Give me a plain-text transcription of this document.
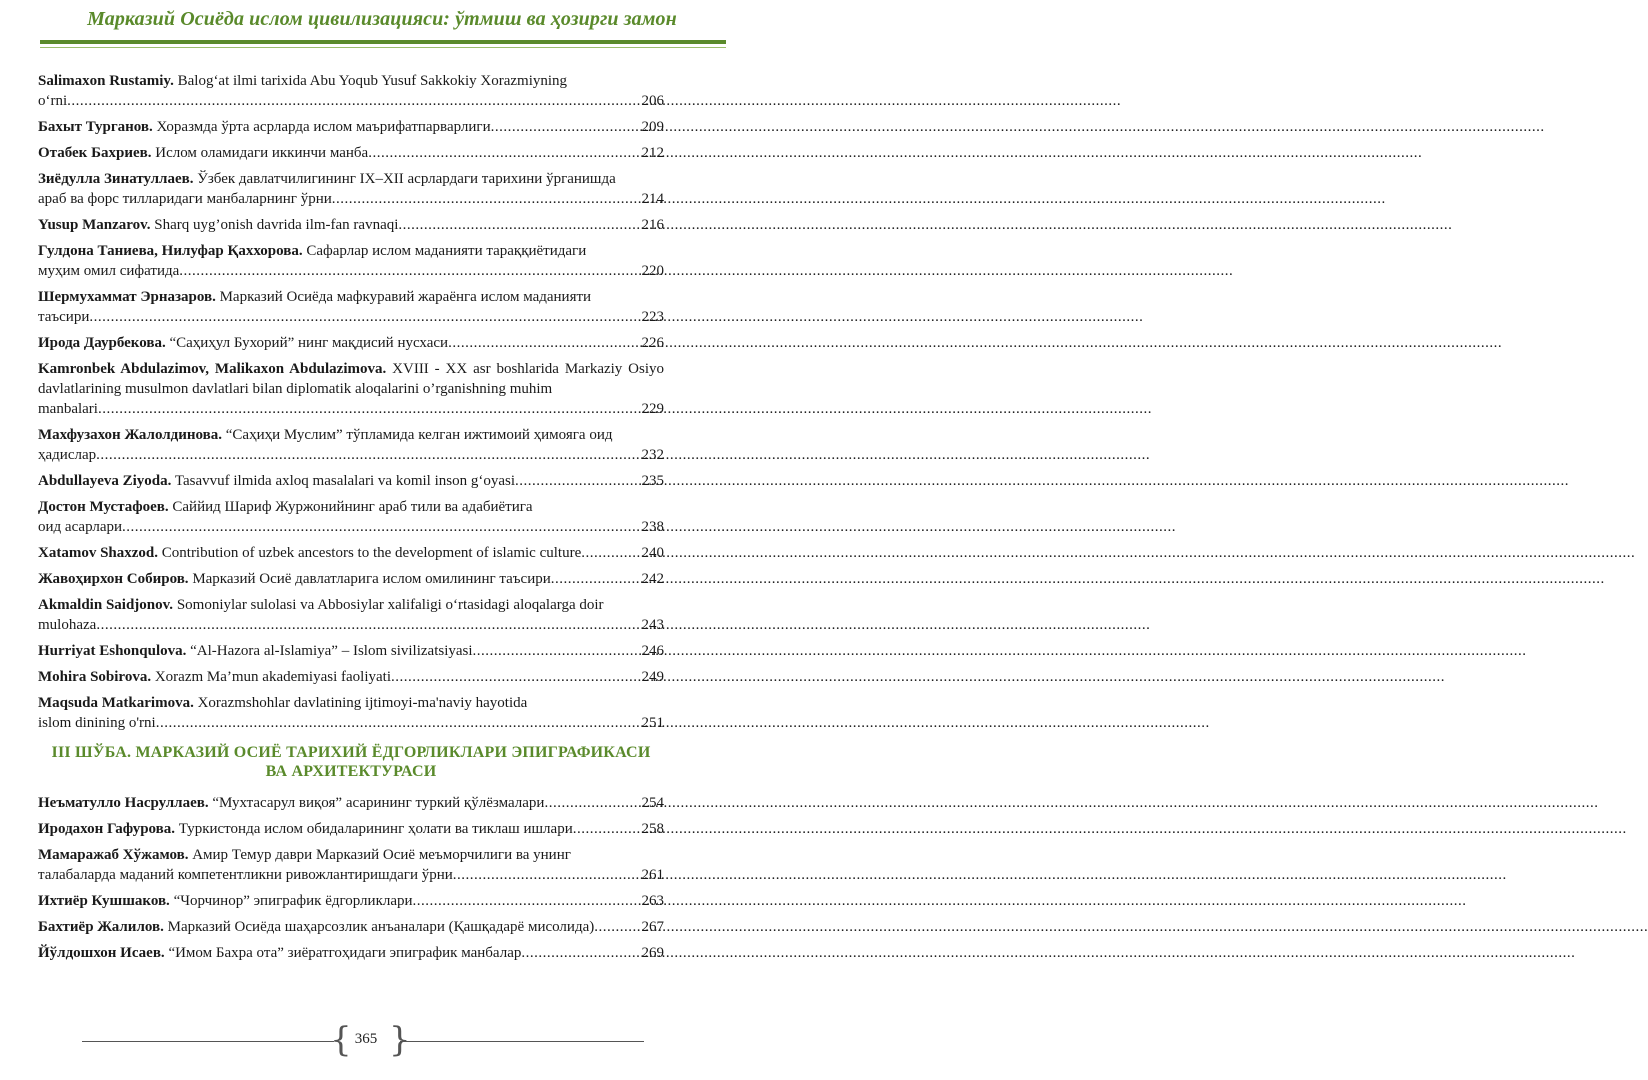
Марказий Осиёда ислом цивилизацияси: ўтмиш ва ҳозирги замон
Salimaxon Rustamiy. Balog‘at ilmi tarixida Abu Yoqub Yusuf Sakkokiy Xorazmiyning
o‘rni .....	206
Бахыт Турганов. Хоразмда ўрта асрларда ислом маърифатпарварлиги .....	209
Отабек Бахриев. Ислом оламидаги иккинчи манба .....	212
Зиёдулла Зинатуллаев. Ўзбек давлатчилигининг IX–XII асрлардаги тарихини ўрганишда
араб ва форс тилларидаги манбаларнинг ўрни .....	214
Yusup Manzarov. Sharq uyg’onish davrida ilm-fan ravnaqi .....	216
Гулдона Таниева, Нилуфар Қаххорова. Сафарлар ислом маданияти тараққиётидаги
муҳим омил сифатида .....	220
Шермухаммат Эрназаров. Марказий Осиёда мафкуравий жараёнга ислом маданияти
таъсири .....	223
Ирода Даурбекова. “Саҳиҳул Бухорий” нинг мақдисий нусхаси .....	226
Kamronbek Abdulazimov, Malikaxon Abdulazimova. XVIII - XX asr boshlarida Markaziy Osiyo davlatlarining musulmon davlatlari bilan diplomatik aloqalarini o’rganishning muhim
manbalari .....	229
Махфузахон Жалолдинова. “Саҳиҳи Муслим” тўпламида келган ижтимоий ҳимояга оид
ҳадислар .....	232
Abdullayeva Ziyoda. Tasavvuf ilmida axloq masalalari va komil inson g‘oyasi .....	235
Достон Мустафоев. Саййид Шариф Журжонийнинг араб тили ва адабиётига
оид асарлари .....	238
Xatamov Shaxzod. Contribution of uzbek ancestors to the development of islamic culture .....	240
Жавоҳирхон Собиров. Марказий Осиё давлатларига ислом омилининг таъсири .....	242
Akmaldin Saidjonov. Somoniylar sulolasi va Abbosiylar xalifaligi o‘rtasidagi aloqalarga doir
mulohaza .....	243
Hurriyat Eshonqulova. “Al-Hazora al-Islamiya” – Islom sivilizatsiyasi .....	246
Mohira Sobirova. Xorazm Ma’mun akademiyasi faoliyati .....	249
Maqsuda Matkarimova. Xorazmshohlar davlatining ijtimoyi-ma'naviy hayotida
islom dinining o'rni .....	251
III ШЎБА. МАРКАЗИЙ ОСИЁ ТАРИХИЙ ЁДГОРЛИКЛАРИ ЭПИГРАФИКАСИ
ВА АРХИТЕКТУРАСИ
Неъматулло Насруллаев. “Мухтасарул виқоя” асарининг туркий қўлёзмалари .....	254
Иродахон Гафурова. Туркистонда ислом обидаларининг ҳолати ва тиклаш ишлари .....	258
Мамаражаб Хўжамов. Амир Темур даври Марказий Осиё меъморчилиги ва унинг
талабаларда маданий компетентликни ривожлантиришдаги ўрни .....	261
Ихтиёр Кушшаков. “Чорчинор” эпиграфик ёдгорликлари .....	263
Бахтиёр Жалилов. Марказий Осиёда шаҳарсозлик анъаналари (Қашқадарё мисолида) .....	267
Йўлдошхон Исаев. “Имом Бахра ота” зиёратгоҳидаги эпиграфик манбалар .....	269
{ 365 }
